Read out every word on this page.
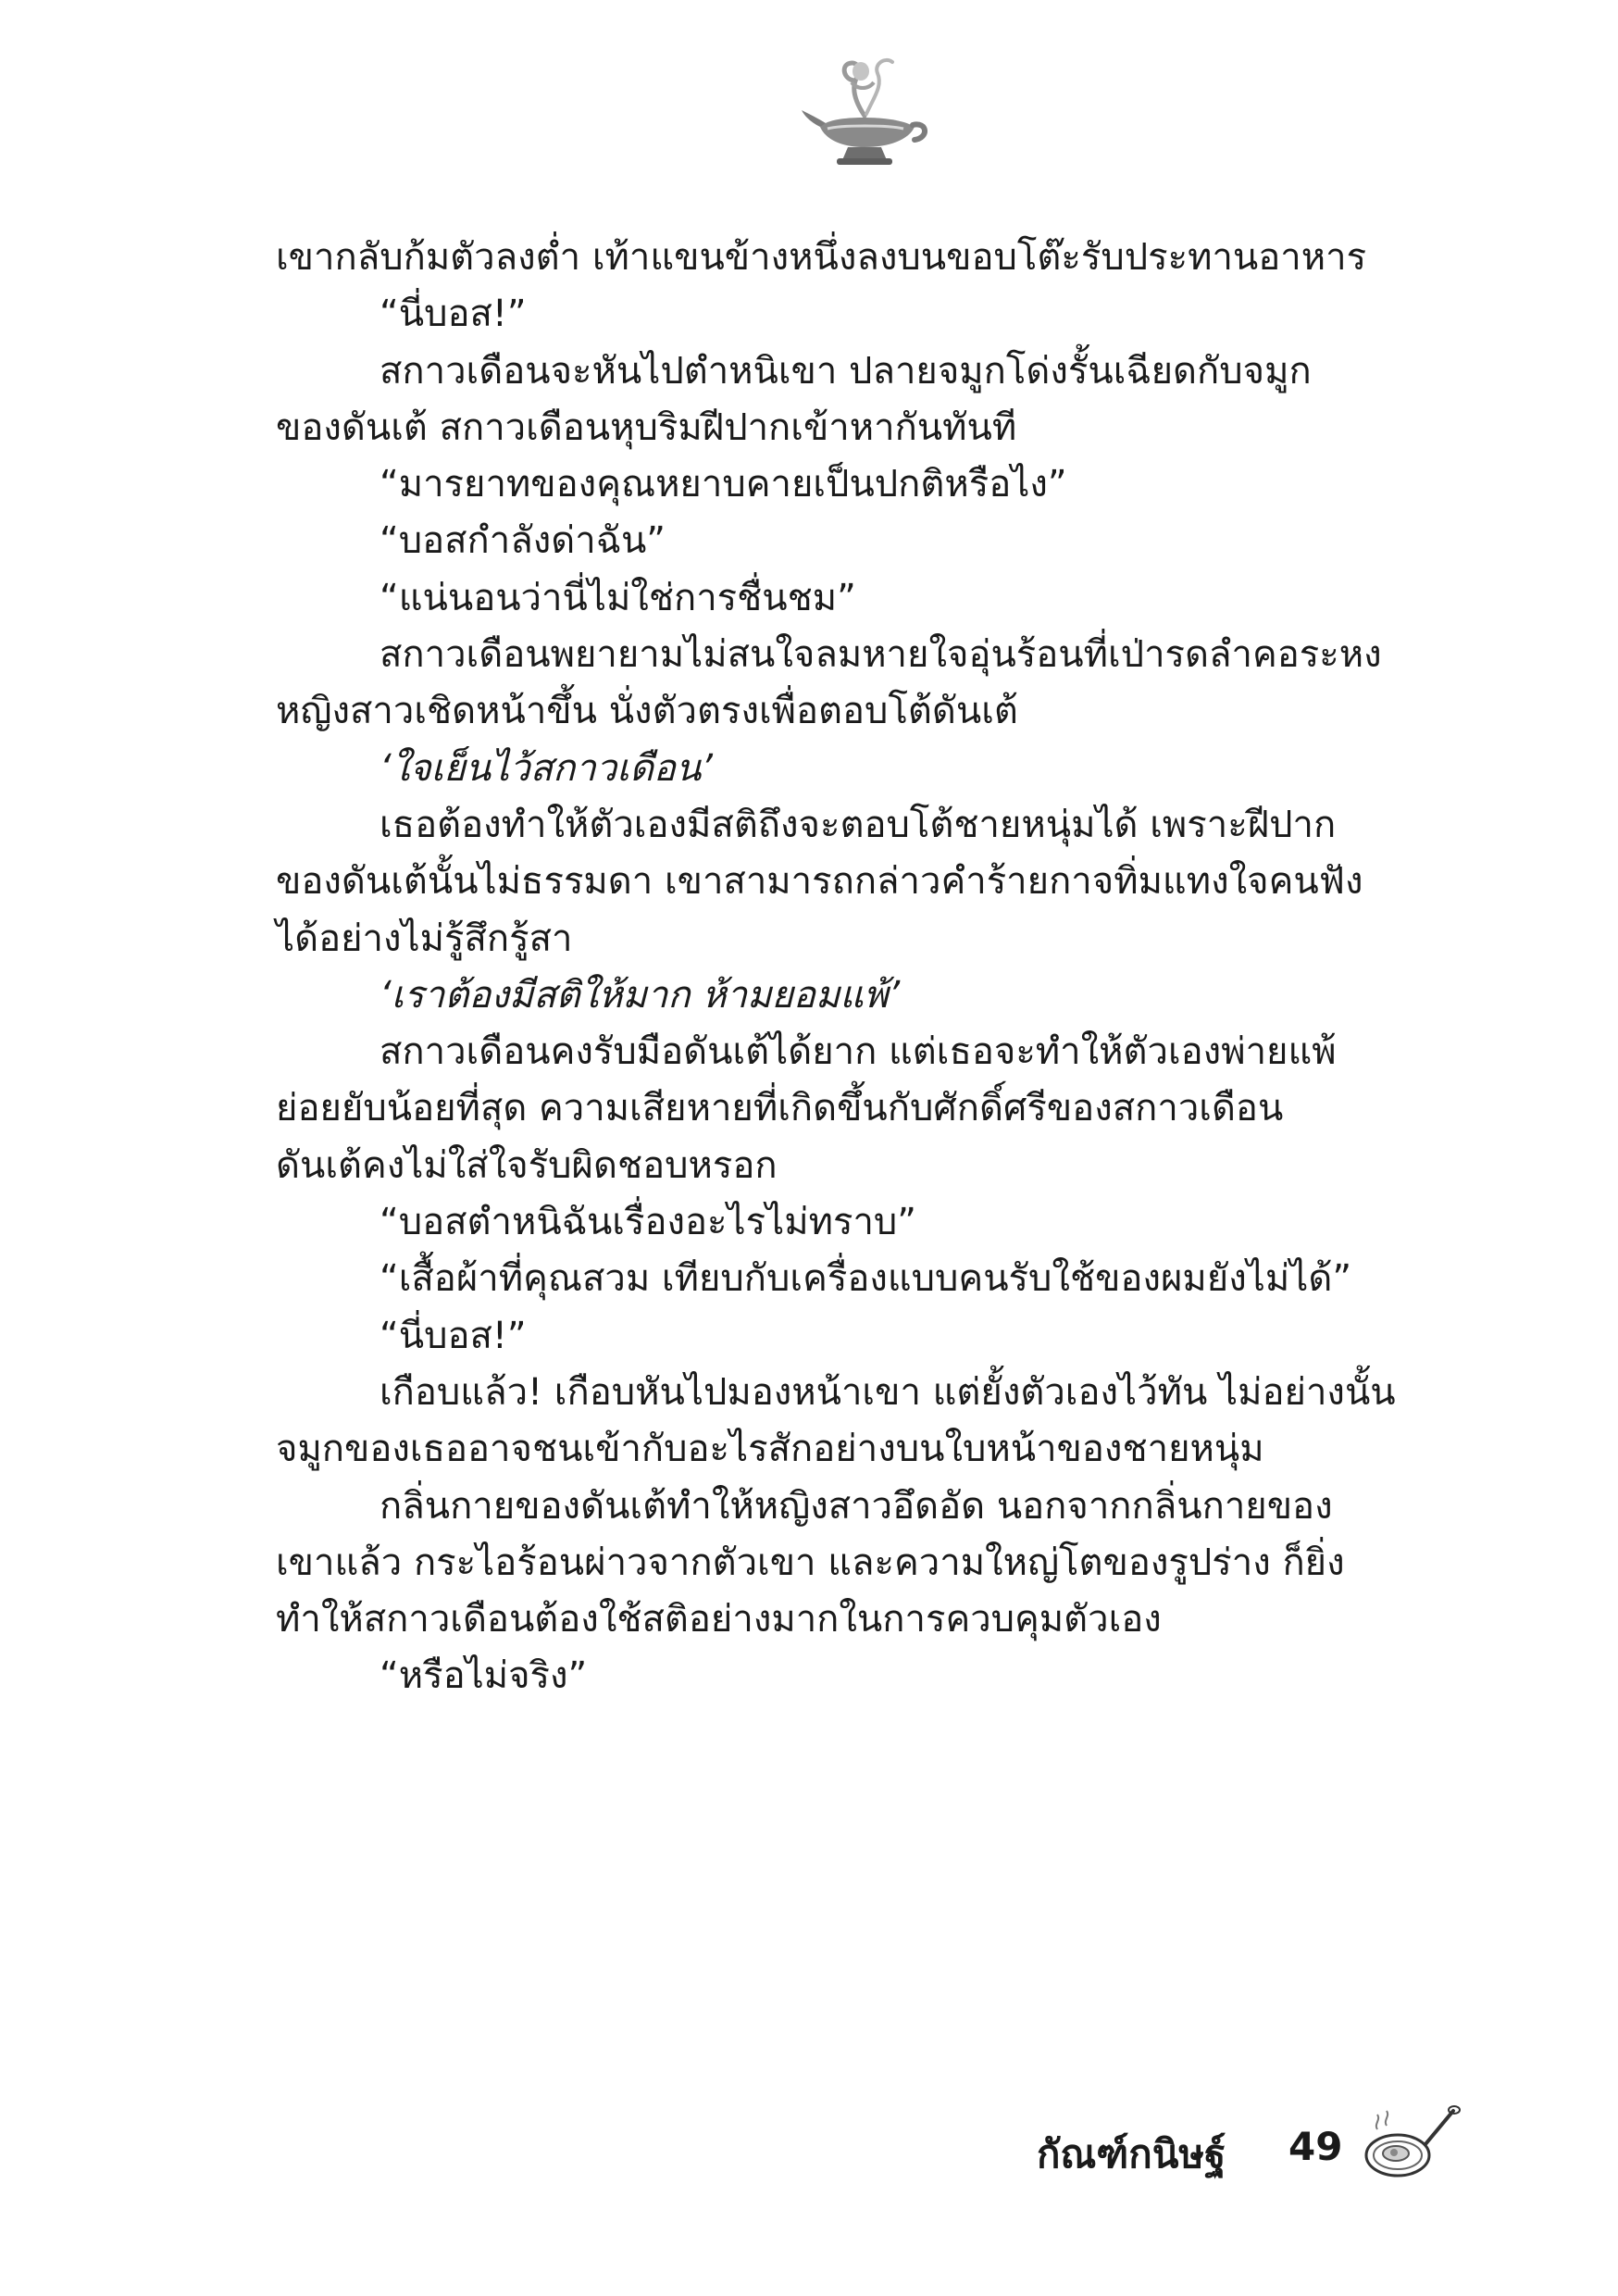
เขากลับก้มตัวลงต่ำ เท้าแขนข้างหนึ่งลงบนขอบโต๊ะรับประทานอาหาร
“นี่บอส!”
สกาวเดือนจะหันไปตำหนิเขา ปลายจมูกโด่งรั้นเฉียดกับจมูก
ของดันเต้ สกาวเดือนหุบริมฝีปากเข้าหากันทันที
“มารยาทของคุณหยาบคายเป็นปกติหรือไง”
“บอสกำลังด่าฉัน”
“แน่นอนว่านี่ไม่ใช่การชื่นชม”
สกาวเดือนพยายามไม่สนใจลมหายใจอุ่นร้อนที่เป่ารดลำคอระหง
หญิงสาวเชิดหน้าขึ้น นั่งตัวตรงเพื่อตอบโต้ดันเต้
‘ใจเย็นไว้สกาวเดือน’
เธอต้องทำให้ตัวเองมีสติถึงจะตอบโต้ชายหนุ่มได้ เพราะฝีปาก
ของดันเต้นั้นไม่ธรรมดา เขาสามารถกล่าวคำร้ายกาจทิ่มแทงใจคนฟัง
ได้อย่างไม่รู้สึกรู้สา
‘เราต้องมีสติให้มาก ห้ามยอมแพ้’
สกาวเดือนคงรับมือดันเต้ได้ยาก แต่เธอจะทำให้ตัวเองพ่ายแพ้
ย่อยยับน้อยที่สุด ความเสียหายที่เกิดขึ้นกับศักดิ์ศรีของสกาวเดือน
ดันเต้คงไม่ใส่ใจรับผิดชอบหรอก
“บอสตำหนิฉันเรื่องอะไรไม่ทราบ”
“เสื้อผ้าที่คุณสวม เทียบกับเครื่องแบบคนรับใช้ของผมยังไม่ได้”
“นี่บอส!”
เกือบแล้ว! เกือบหันไปมองหน้าเขา แต่ยั้งตัวเองไว้ทัน ไม่อย่างนั้น
จมูกของเธออาจชนเข้ากับอะไรสักอย่างบนใบหน้าของชายหนุ่ม
กลิ่นกายของดันเต้ทำให้หญิงสาวอึดอัด นอกจากกลิ่นกายของ
เขาแล้ว กระไอร้อนผ่าวจากตัวเขา และความใหญ่โตของรูปร่าง ก็ยิ่ง
ทำให้สกาวเดือนต้องใช้สติอย่างมากในการควบคุมตัวเอง
“หรือไม่จริง”
กัณฑ์กนิษฐ์ 49
